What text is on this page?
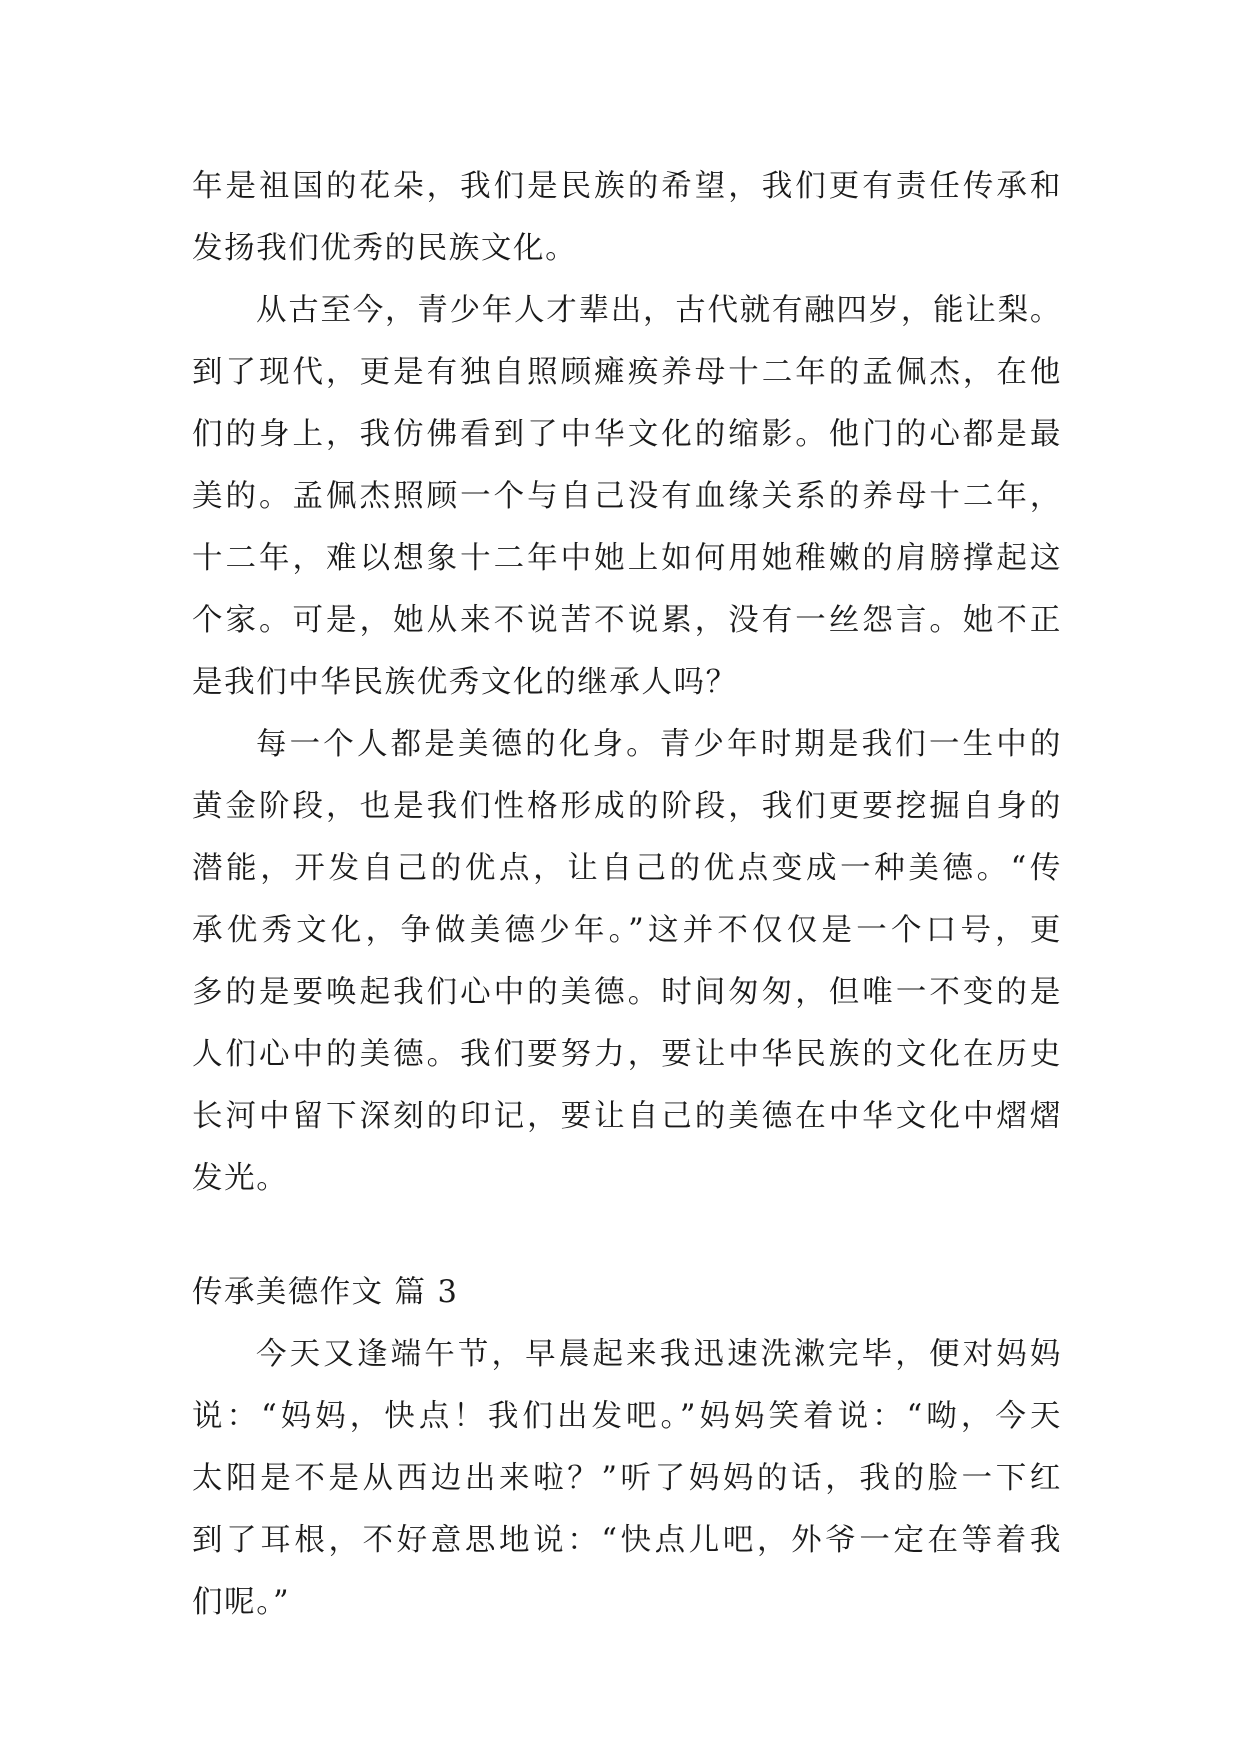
年是祖国的花朵，我们是民族的希望，我们更有责任传承和
发扬我们优秀的民族文化。
从古至今，青少年人才辈出，古代就有融四岁，能让梨。
到了现代，更是有独自照顾瘫痪养母十二年的孟佩杰，在他
们的身上，我仿佛看到了中华文化的缩影。他门的心都是最
美的。孟佩杰照顾一个与自己没有血缘关系的养母十二年，
十二年，难以想象十二年中她上如何用她稚嫩的肩膀撑起这
个家。可是，她从来不说苦不说累，没有一丝怨言。她不正
是我们中华民族优秀文化的继承人吗？
每一个人都是美德的化身。青少年时期是我们一生中的
黄金阶段，也是我们性格形成的阶段，我们更要挖掘自身的
潜能，开发自己的优点，让自己的优点变成一种美德。“传
承优秀文化，争做美德少年。”这并不仅仅是一个口号，更
多的是要唤起我们心中的美德。时间匆匆，但唯一不变的是
人们心中的美德。我们要努力，要让中华民族的文化在历史
长河中留下深刻的印记，要让自己的美德在中华文化中熠熠
发光。
传承美德作文 篇 3
今天又逢端午节，早晨起来我迅速洗漱完毕，便对妈妈
说：“妈妈，快点！我们出发吧。”妈妈笑着说：“呦，今天
太阳是不是从西边出来啦？”听了妈妈的话，我的脸一下红
到了耳根，不好意思地说：“快点儿吧，外爷一定在等着我
们呢。”
